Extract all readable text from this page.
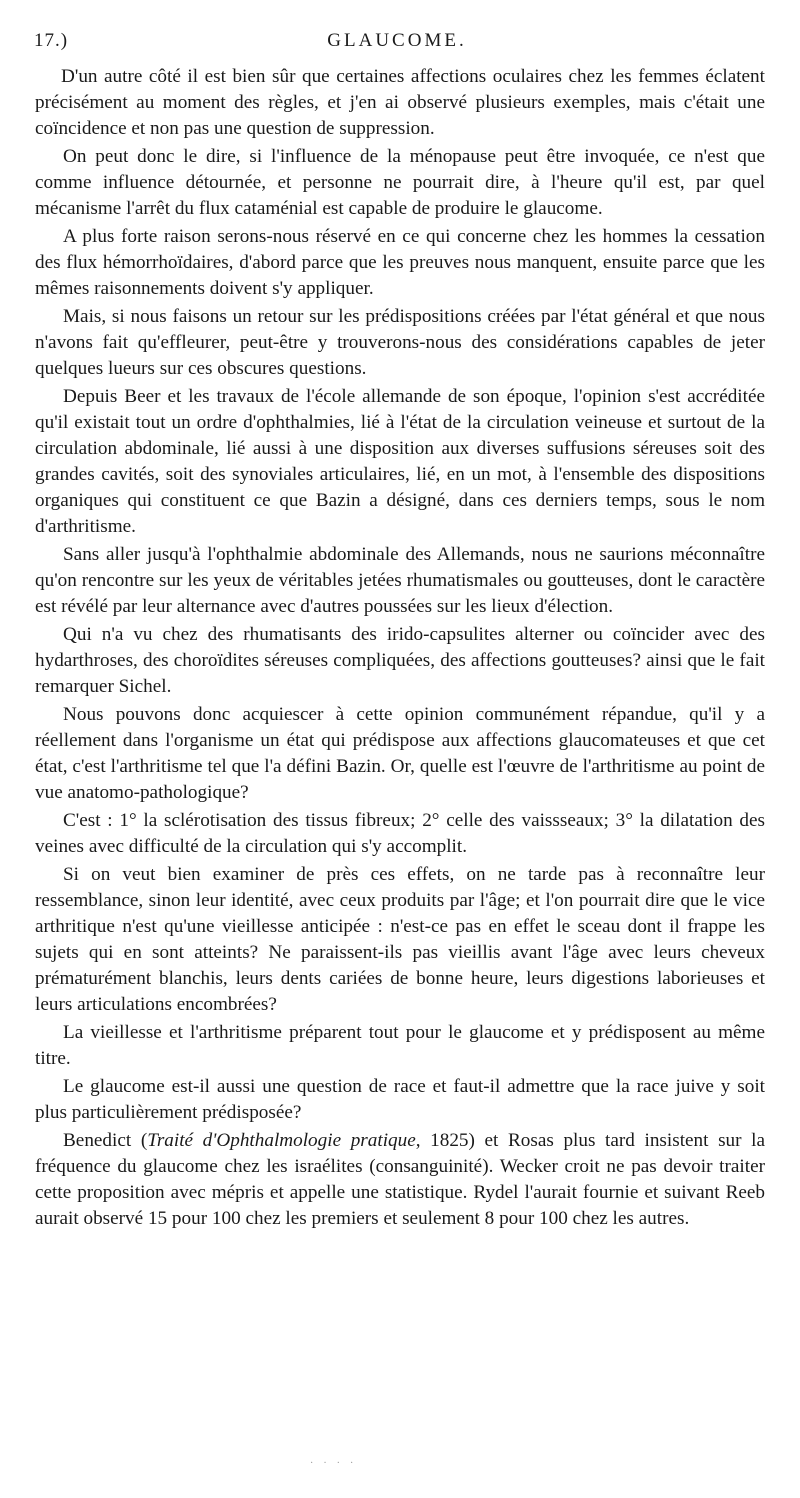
17.)	GLAUCOME.

D'un autre côté il est bien sûr que certaines affections oculaires chez les femmes éclatent précisément au moment des règles, et j'en ai observé plusieurs exemples, mais c'était une coïncidence et non pas une question de suppression.

On peut donc le dire, si l'influence de la ménopause peut être invoquée, ce n'est que comme influence détournée, et personne ne pourrait dire, à l'heure qu'il est, par quel mécanisme l'arrêt du flux cataménial est capable de produire le glaucome.

A plus forte raison serons-nous réservé en ce qui concerne chez les hommes la cessation des flux hémorrhoïdaires, d'abord parce que les preuves nous manquent, ensuite parce que les mêmes raisonnements doivent s'y appliquer.

Mais, si nous faisons un retour sur les prédispositions créées par l'état général et que nous n'avons fait qu'effleurer, peut-être y trouverons-nous des considérations capables de jeter quelques lueurs sur ces obscures questions.

Depuis Beer et les travaux de l'école allemande de son époque, l'opinion s'est accréditée qu'il existait tout un ordre d'ophthalmies, lié à l'état de la circulation veineuse et surtout de la circulation abdominale, lié aussi à une disposition aux diverses suffusions séreuses soit des grandes cavités, soit des synoviales articulaires, lié, en un mot, à l'ensemble des dispositions organiques qui constituent ce que Bazin a désigné, dans ces derniers temps, sous le nom d'arthritisme.

Sans aller jusqu'à l'ophthalmie abdominale des Allemands, nous ne saurions méconnaître qu'on rencontre sur les yeux de véritables jetées rhumatismales ou goutteuses, dont le caractère est révélé par leur alternance avec d'autres poussées sur les lieux d'élection.

Qui n'a vu chez des rhumatisants des irido-capsulites alterner ou coïncider avec des hydarthroses, des choroïdites séreuses compliquées, des affections goutteuses? ainsi que le fait remarquer Sichel.

Nous pouvons donc acquiescer à cette opinion communément répandue, qu'il y a réellement dans l'organisme un état qui prédispose aux affections glaucomateuses et que cet état, c'est l'arthritisme tel que l'a défini Bazin. Or, quelle est l'œuvre de l'arthritisme au point de vue anatomo-pathologique?

C'est : 1° la sclérotisation des tissus fibreux; 2° celle des vaissseaux; 3° la dilatation des veines avec difficulté de la circulation qui s'y accomplit.

Si on veut bien examiner de près ces effets, on ne tarde pas à reconnaître leur ressemblance, sinon leur identité, avec ceux produits par l'âge; et l'on pourrait dire que le vice arthritique n'est qu'une vieillesse anticipée : n'est-ce pas en effet le sceau dont il frappe les sujets qui en sont atteints? Ne paraissent-ils pas vieillis avant l'âge avec leurs cheveux prématurément blanchis, leurs dents cariées de bonne heure, leurs digestions laborieuses et leurs articulations encombrées?

La vieillesse et l'arthritisme préparent tout pour le glaucome et y prédisposent au même titre.

Le glaucome est-il aussi une question de race et faut-il admettre que la race juive y soit plus particulièrement prédisposée?

Benedict (Traité d'Ophthalmologie pratique, 1825) et Rosas plus tard insistent sur la fréquence du glaucome chez les israélites (consanguinité). Wecker croit ne pas devoir traiter cette proposition avec mépris et appelle une statistique. Rydel l'aurait fournie et suivant Reeb aurait observé 15 pour 100 chez les premiers et seulement 8 pour 100 chez les autres.

····
